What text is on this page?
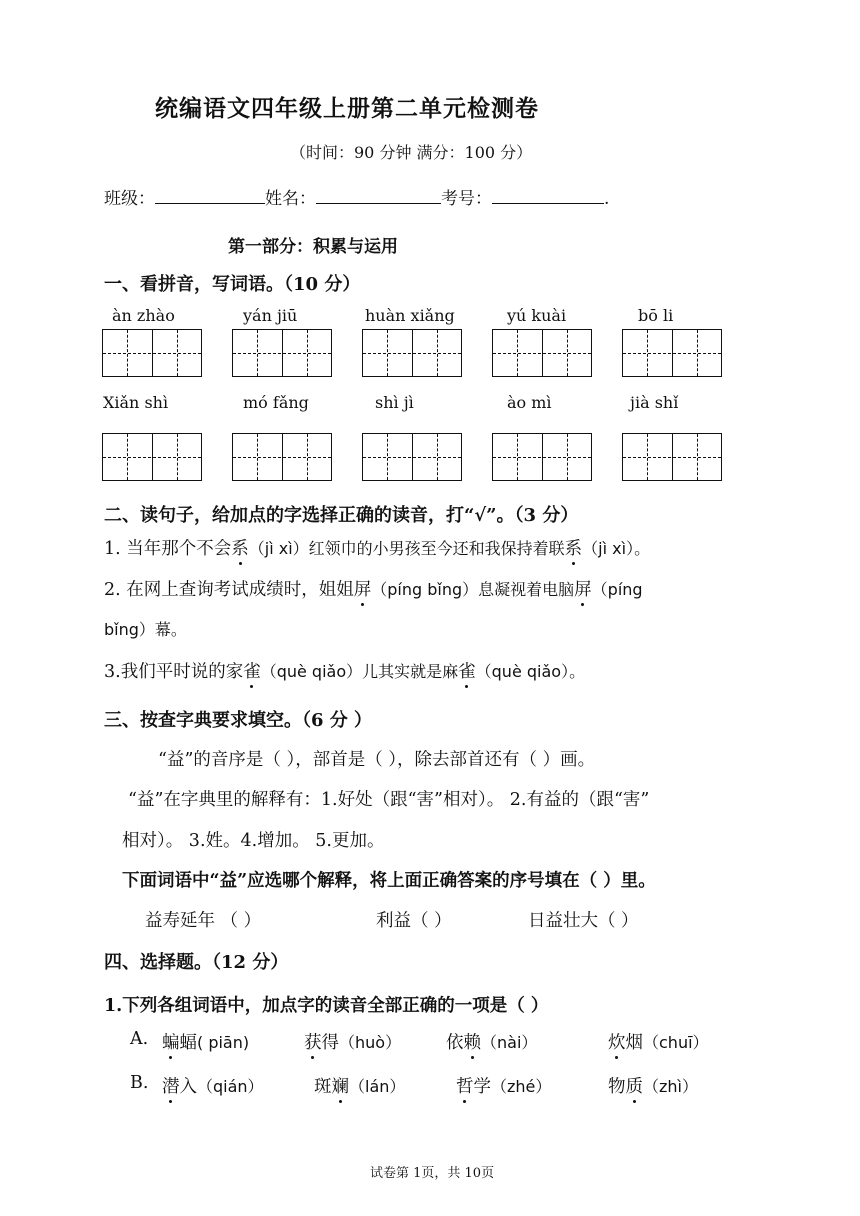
统编语文四年级上册第二单元检测卷
（时间：90 分钟 满分：100 分）
班级：	姓名：	考号：	.
第一部分：积累与运用
一、看拼音，写词语。（10 分）
àn zhào	yán jiū	huàn xiǎng	yú kuài	bō li
Xiǎn shì	mó fǎng	shì jì	ào mì	jià shǐ
二、读句子，给加点的字选择正确的读音，打“√”。（3 分）
1. 当年那个不会系（jì xì）红领巾的小男孩至今还和我保持着联系（jì xì）。
2. 在网上查询考试成绩时，姐姐屏（píng bǐng）息凝视着电脑屏（píng
bǐng）幕。
3.我们平时说的家雀（què qiǎo）儿其实就是麻雀（què qiǎo）。
三、按查字典要求填空。（6 分 ）
“益”的音序是（ ），部首是（ ），除去部首还有（ ）画。
“益”在字典里的解释有：1.好处（跟“害”相对）。 2.有益的（跟“害”
相对）。 3.姓。4.增加。 5.更加。
下面词语中“益”应选哪个解释，将上面正确答案的序号填在（ ）里。
益寿延年 （ ）	利益（ ）	日益壮大（ ）
四、选择题。（12 分）
1.下列各组词语中，加点字的读音全部正确的一项是（ ）
A. 蝙蝠( piān)	获得（huò）	依赖（nài）	炊烟（chuī）
B. 潜入（qián）	斑斓（lán）	哲学（zhé）	物质（zhì）
试卷第 1页，共 10页
